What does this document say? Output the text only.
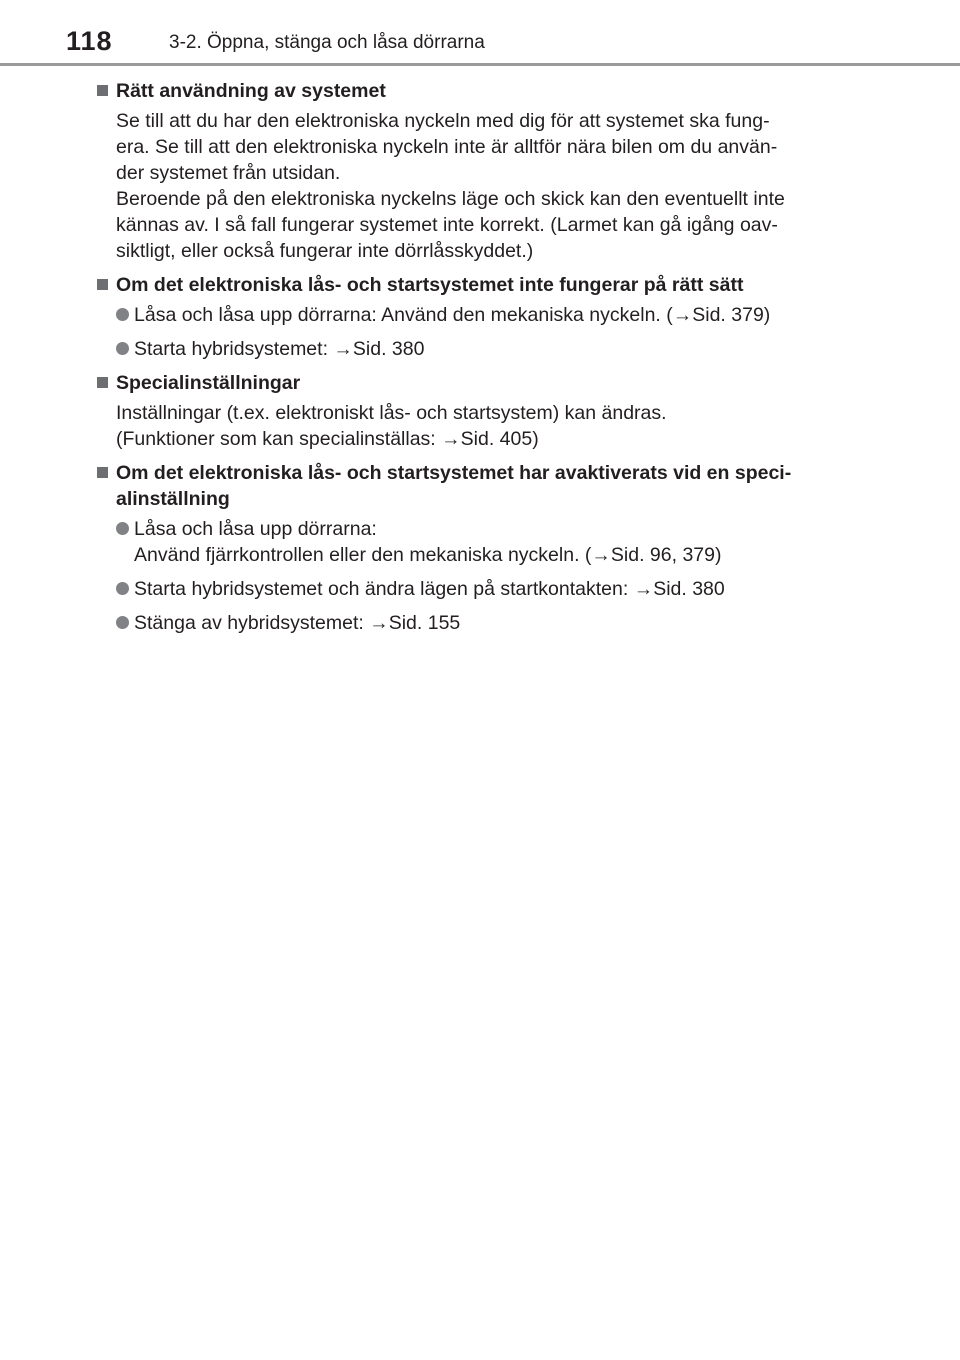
118	3-2. Öppna, stänga och låsa dörrarna
Rätt användning av systemet
Se till att du har den elektroniska nyckeln med dig för att systemet ska fung-
era. Se till att den elektroniska nyckeln inte är alltför nära bilen om du använ-
der systemet från utsidan.
Beroende på den elektroniska nyckelns läge och skick kan den eventuellt inte
kännas av. I så fall fungerar systemet inte korrekt. (Larmet kan gå igång oav-
siktligt, eller också fungerar inte dörrlåsskyddet.)
Om det elektroniska lås- och startsystemet inte fungerar på rätt sätt
Låsa och låsa upp dörrarna: Använd den mekaniska nyckeln. (→Sid. 379)
Starta hybridsystemet: →Sid. 380
Specialinställningar
Inställningar (t.ex. elektroniskt lås- och startsystem) kan ändras.
(Funktioner som kan specialinställas: →Sid. 405)
Om det elektroniska lås- och startsystemet har avaktiverats vid en speci-
alinställning
Låsa och låsa upp dörrarna:
Använd fjärrkontrollen eller den mekaniska nyckeln. (→Sid. 96, 379)
Starta hybridsystemet och ändra lägen på startkontakten: →Sid. 380
Stänga av hybridsystemet: →Sid. 155
